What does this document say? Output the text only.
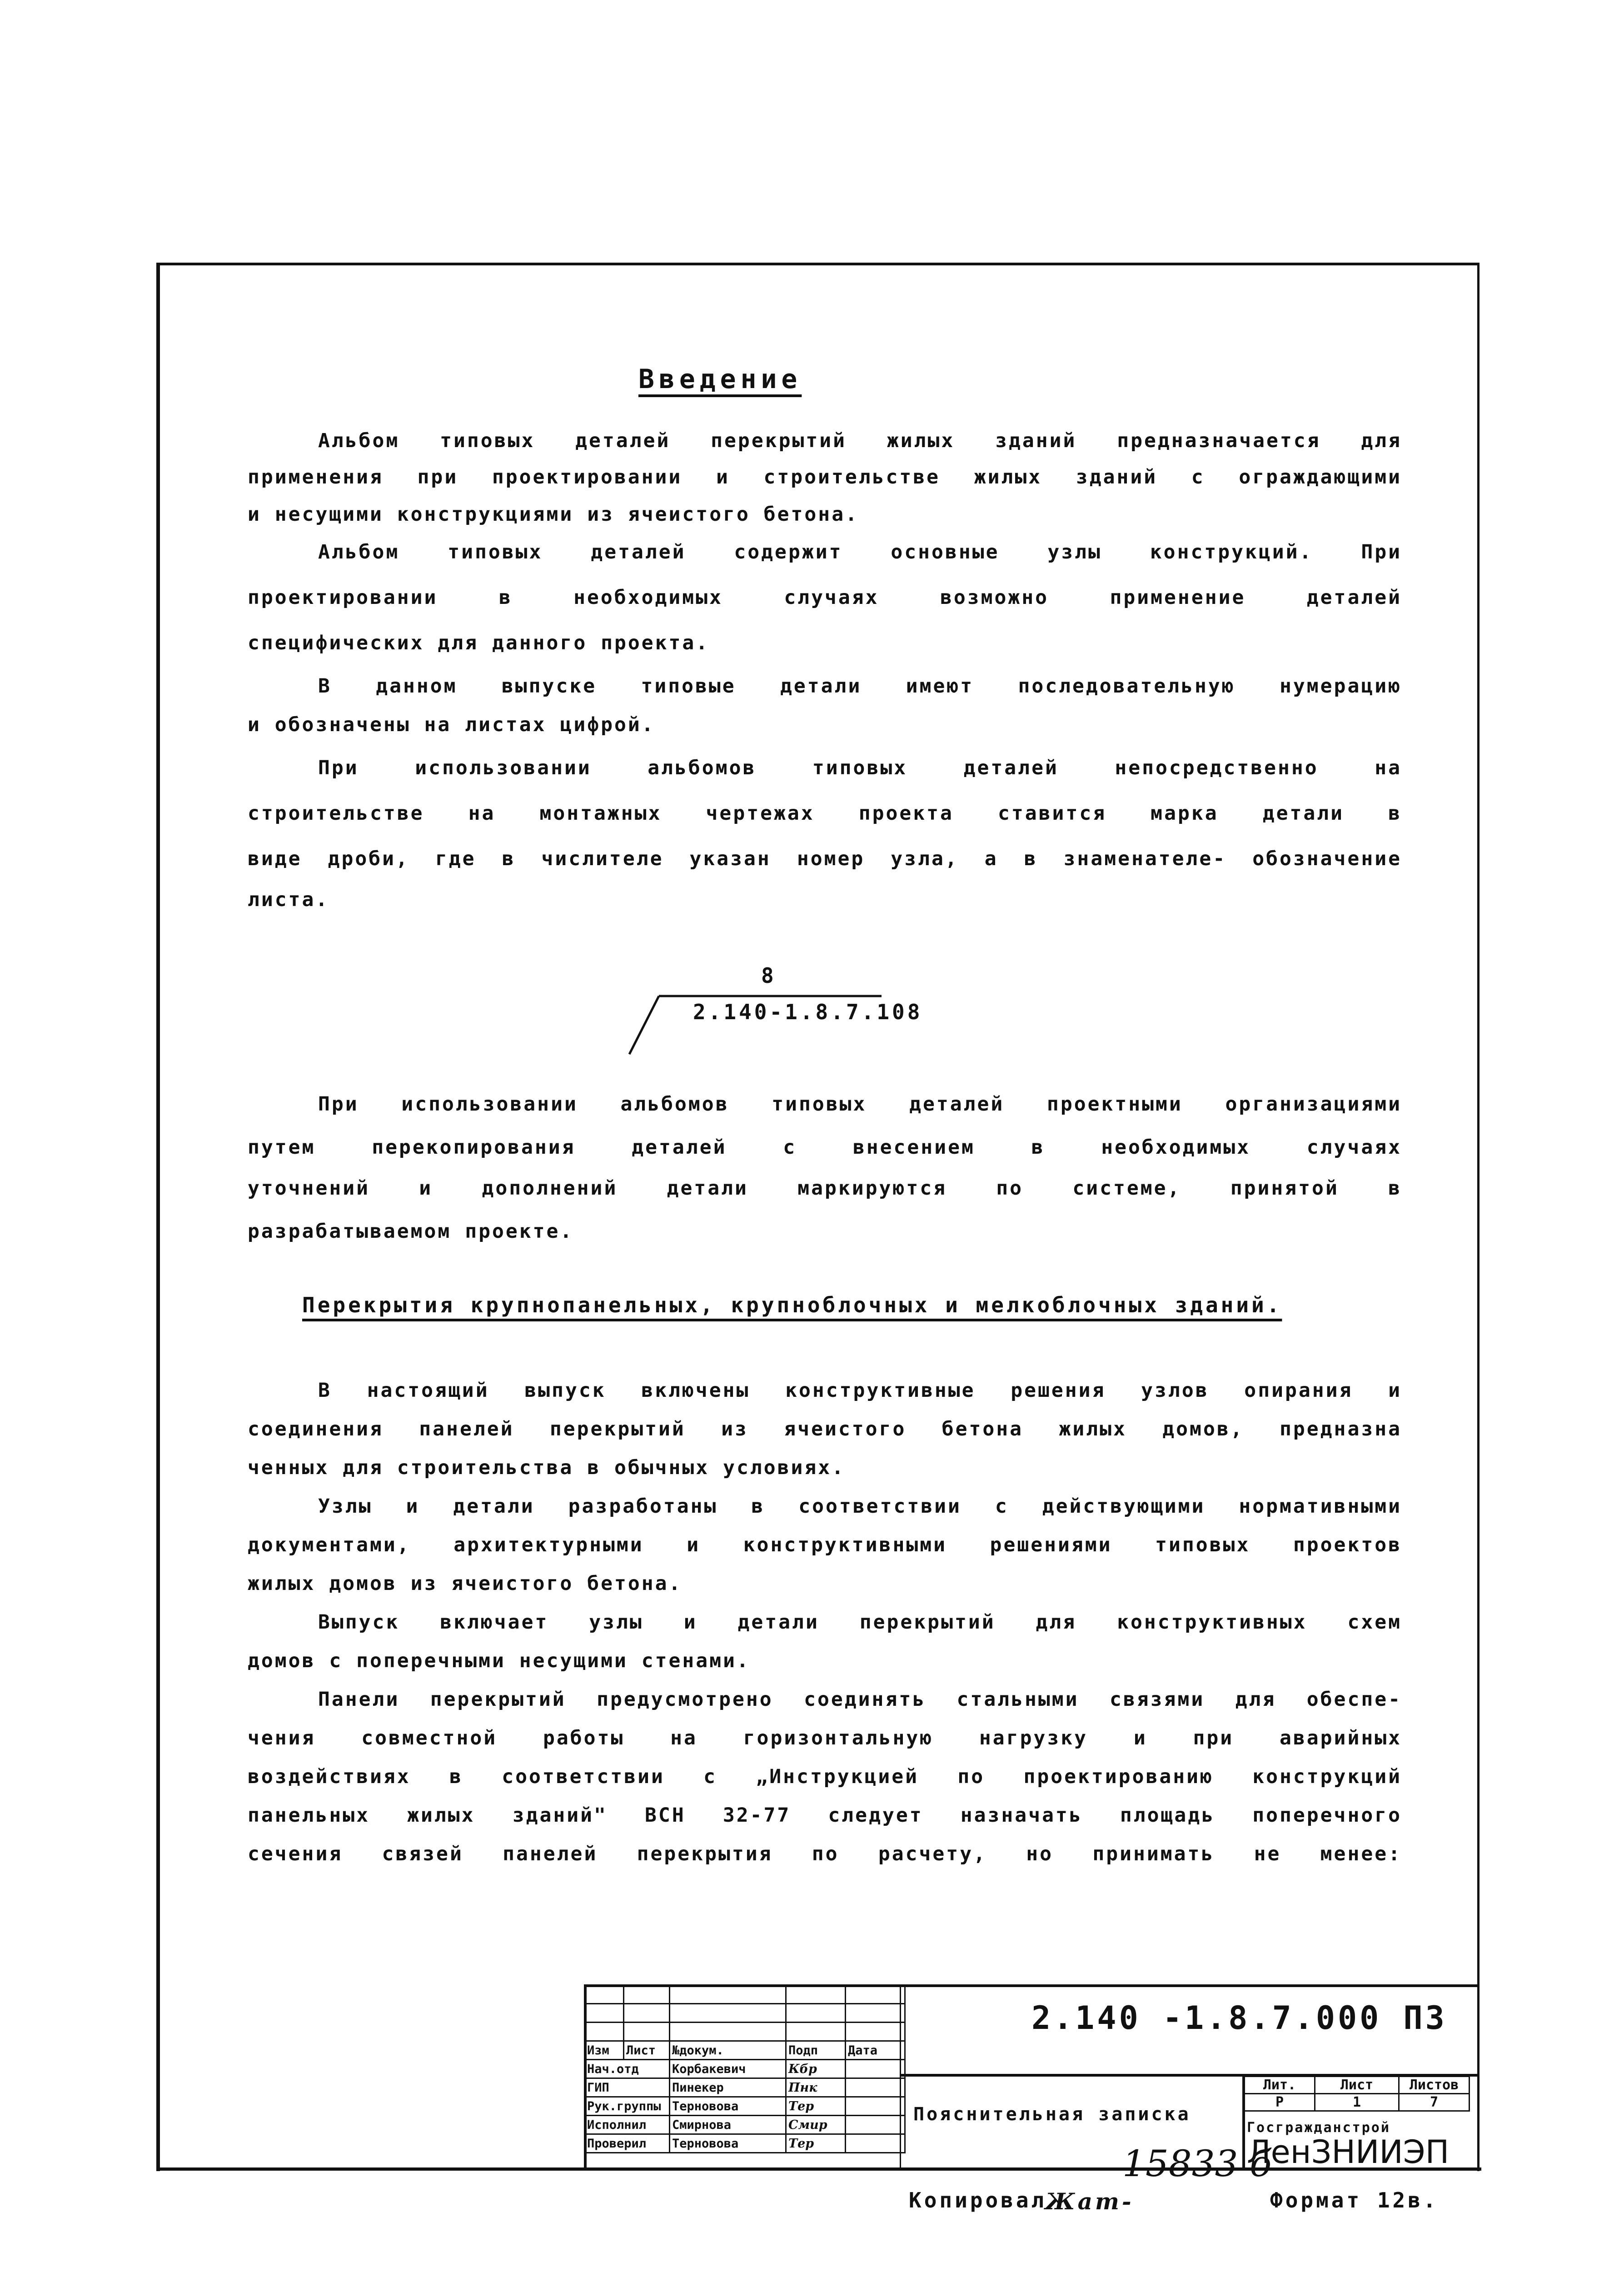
Введение
Альбом типовых деталей перекрытий жилых зданий предназначается для
применения при проектировании и строительстве жилых зданий с ограждающими
и несущими конструкциями из ячеистого бетона.
Альбом типовых деталей содержит основные узлы конструкций. При
проектировании в необходимых случаях возможно применение деталей
специфических для данного проекта.
В данном выпуске типовые детали имеют последовательную нумерацию
и обозначены на листах цифрой.
При использовании альбомов типовых деталей непосредственно на
строительстве на монтажных чертежах проекта ставится марка детали в
виде дроби, где в числителе указан номер узла, а в знаменателе- обозначение
листа.
8
2.140-1.8.7.108
При использовании альбомов типовых деталей проектными организациями
путем перекопирования деталей с внесением в необходимых случаях
уточнений и дополнений детали маркируются по системе, принятой в
разрабатываемом проекте.
Перекрытия крупнопанельных, крупноблочных и мелкоблочных зданий.
В настоящий выпуск включены конструктивные решения узлов опирания и
соединения панелей перекрытий из ячеистого бетона жилых домов, предназна
ченных для строительства в обычных условиях.
Узлы и детали разработаны в соответствии с действующими нормативными
документами, архитектурными и конструктивными решениями типовых проектов
жилых домов из ячеистого бетона.
Выпуск включает узлы и детали перекрытий для конструктивных схем
домов с поперечными несущими стенами.
Панели перекрытий предусмотрено соединять стальными связями для обеспе-
чения совместной работы на горизонтальную нагрузку и при аварийных
воздействиях в соответствии с „Инструкцией по проектированию конструкций
панельных жилых зданий" ВСН 32-77 следует назначать площадь поперечного
сечения связей панелей перекрытия по расчету, но принимать не менее:

Изм	Лист	№докум.	Подп	Дата
Нач.отд		Корбакевич	Кбр	
ГИП		Пинекер	Пнк	
Рук.группы		Терновова	Тер	
Исполнил		Смирнова	Смир	
Проверил		Терновова	Тер	
2.140 -1.8.7.000 ПЗ
Пояснительная записка
Лит.	Лист	Листов
Р	1	7
Госгражданстрой
ЛенЗНИИЭП
Копировал
Жат-
15833 б
Формат 12в.
